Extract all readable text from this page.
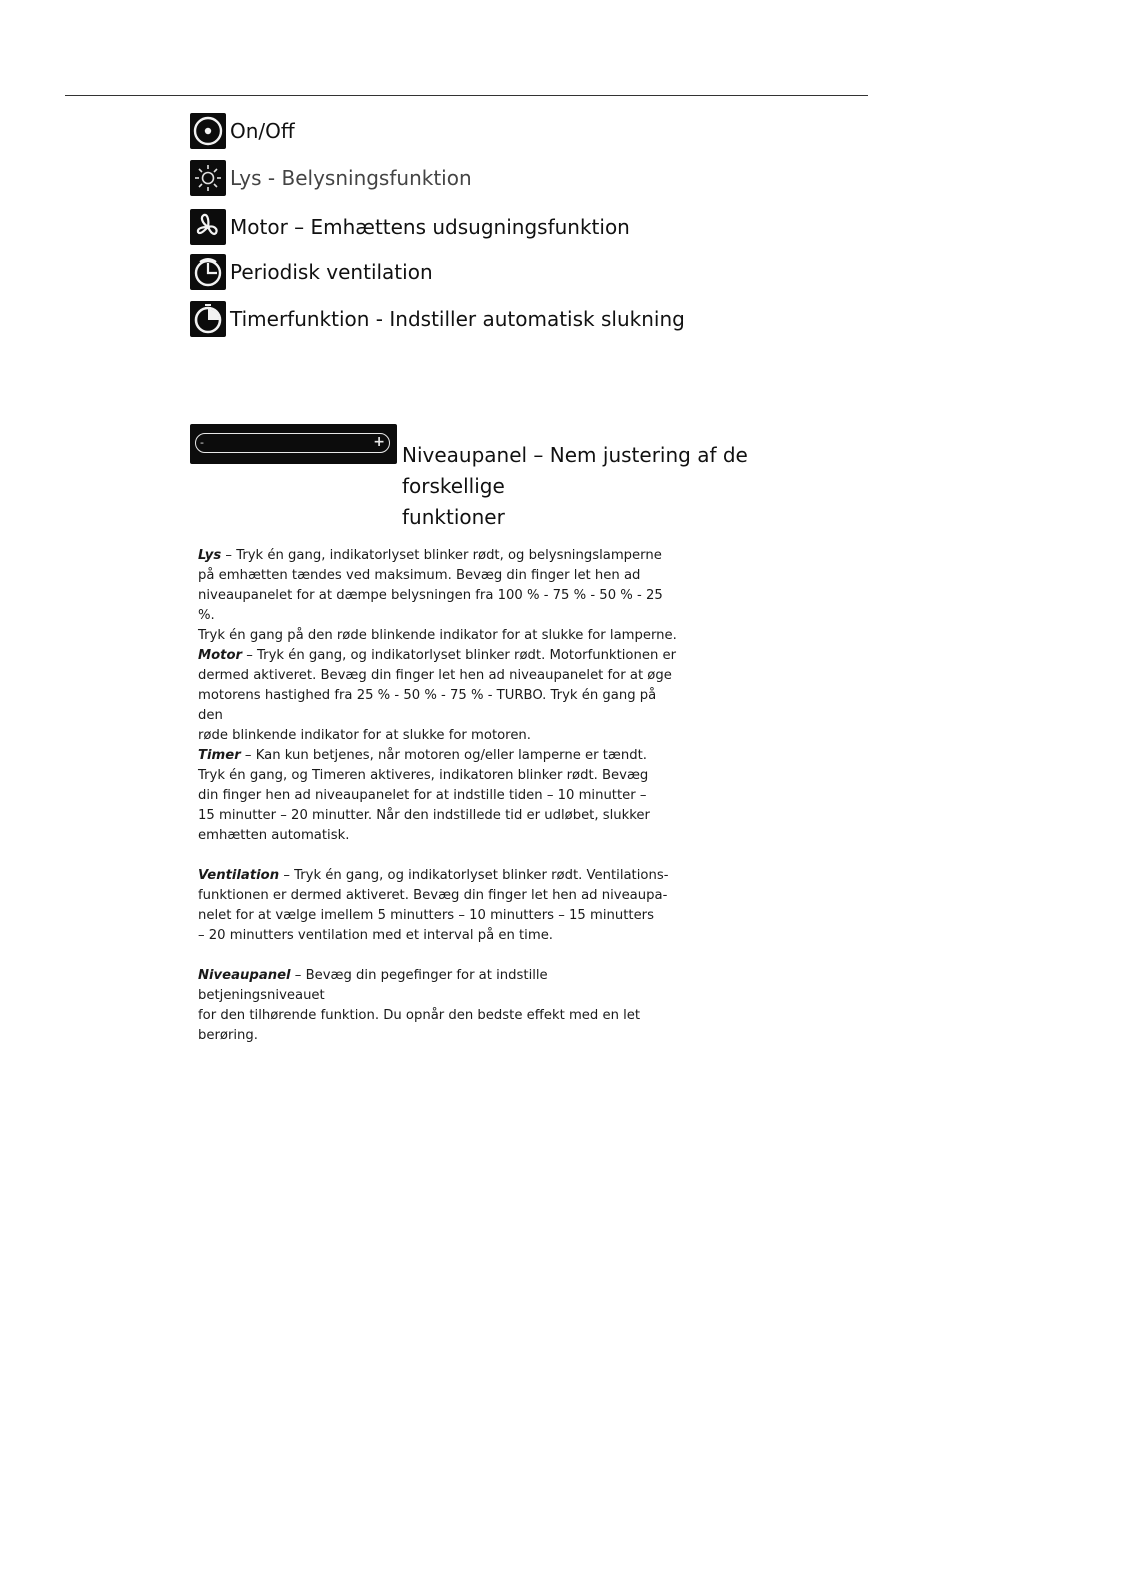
On/Off
Lys - Belysningsfunktion
Motor – Emhættens udsugningsfunktion
Periodisk ventilation
Timerfunktion - Indstiller automatisk slukning
-	+
Niveaupanel – Nem justering af de forskellige
funktioner
Lys – Tryk én gang, indikatorlyset blinker rødt, og belysningslamperne
på emhætten tændes ved maksimum. Bevæg din finger let hen ad
niveaupanelet for at dæmpe belysningen fra 100 % - 75 % - 50 % - 25 %.
Tryk én gang på den røde blinkende indikator for at slukke for lamperne.
Motor – Tryk én gang, og indikatorlyset blinker rødt. Motorfunktionen er
dermed aktiveret. Bevæg din finger let hen ad niveaupanelet for at øge
motorens hastighed fra 25 % - 50 % - 75 % - TURBO. Tryk én gang på den
røde blinkende indikator for at slukke for motoren.
Timer – Kan kun betjenes, når motoren og/eller lamperne er tændt.
Tryk én gang, og Timeren aktiveres, indikatoren blinker rødt. Bevæg
din finger hen ad niveaupanelet for at indstille tiden – 10 minutter –
15 minutter – 20 minutter. Når den indstillede tid er udløbet, slukker
emhætten automatisk.
Ventilation – Tryk én gang, og indikatorlyset blinker rødt. Ventilations-
funktionen er dermed aktiveret. Bevæg din finger let hen ad niveaupa-
nelet for at vælge imellem 5 minutters – 10 minutters – 15 minutters
– 20 minutters ventilation med et interval på en time.
Niveaupanel – Bevæg din pegefinger for at indstille betjeningsniveauet
for den tilhørende funktion. Du opnår den bedste effekt med en let
berøring.
